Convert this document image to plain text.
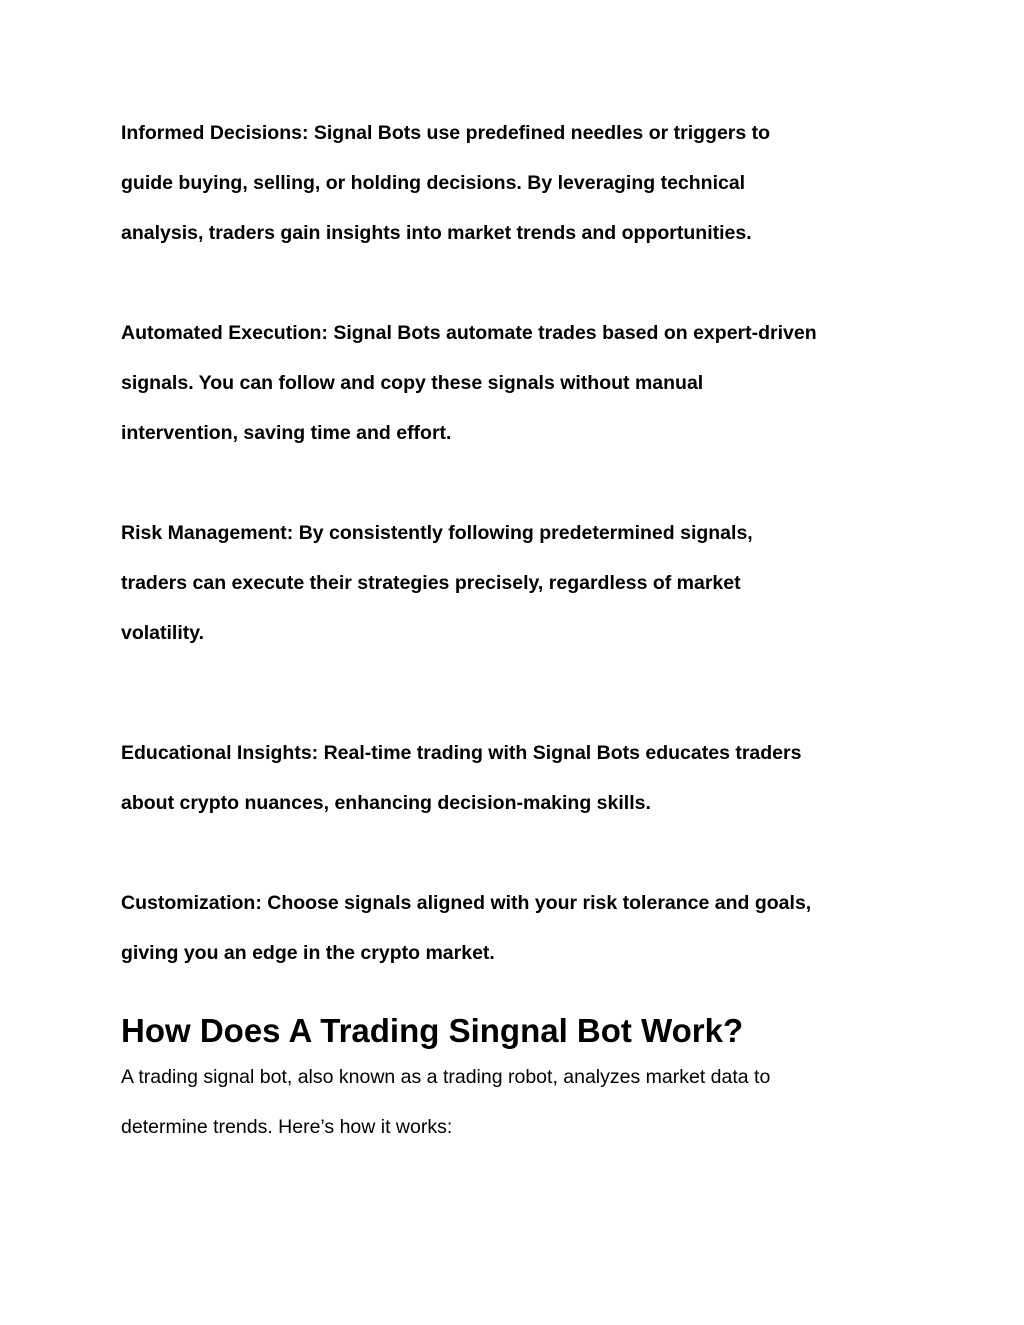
Informed Decisions: Signal Bots use predefined needles or triggers to
guide buying, selling, or holding decisions. By leveraging technical
analysis, traders gain insights into market trends and opportunities.

Automated Execution: Signal Bots automate trades based on expert-driven
signals. You can follow and copy these signals without manual
intervention, saving time and effort.

Risk Management: By consistently following predetermined signals,
traders can execute their strategies precisely, regardless of market
volatility.

Educational Insights: Real-time trading with Signal Bots educates traders
about crypto nuances, enhancing decision-making skills.

Customization: Choose signals aligned with your risk tolerance and goals,
giving you an edge in the crypto market.

How Does A Trading Singnal Bot Work?

A trading signal bot, also known as a trading robot, analyzes market data to
determine trends. Here’s how it works:
